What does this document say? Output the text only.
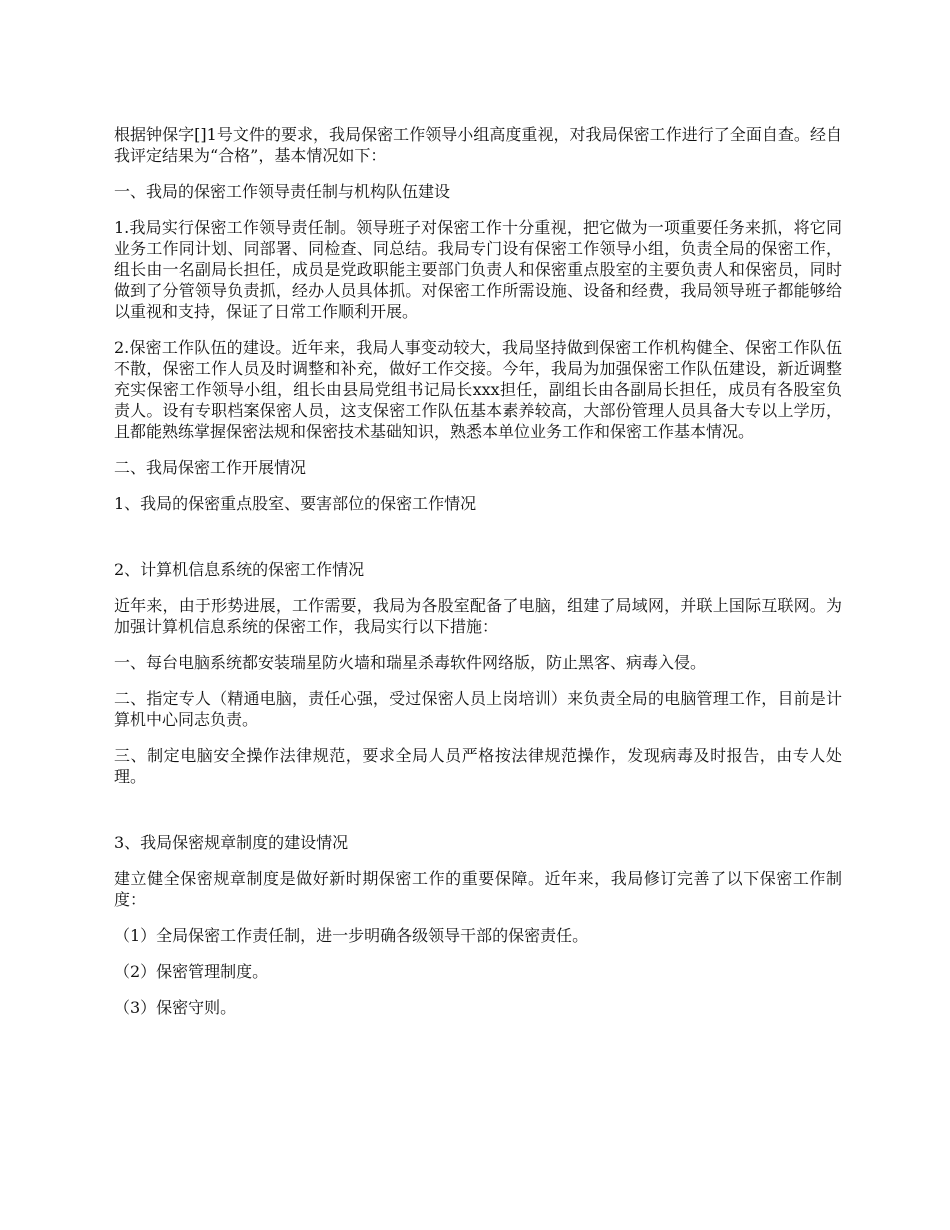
根据钟保字[]1号文件的要求，我局保密工作领导小组高度重视，对我局保密工作进行了全面自查。经自我评定结果为“合格”，基本情况如下：

一、我局的保密工作领导责任制与机构队伍建设

1.我局实行保密工作领导责任制。领导班子对保密工作十分重视，把它做为一项重要任务来抓，将它同业务工作同计划、同部署、同检查、同总结。我局专门设有保密工作领导小组，负责全局的保密工作，组长由一名副局长担任，成员是党政职能主要部门负责人和保密重点股室的主要负责人和保密员，同时做到了分管领导负责抓，经办人员具体抓。对保密工作所需设施、设备和经费，我局领导班子都能够给以重视和支持，保证了日常工作顺利开展。

2.保密工作队伍的建设。近年来，我局人事变动较大，我局坚持做到保密工作机构健全、保密工作队伍不散，保密工作人员及时调整和补充，做好工作交接。今年，我局为加强保密工作队伍建设，新近调整充实保密工作领导小组，组长由县局党组书记局长xxx担任，副组长由各副局长担任，成员有各股室负责人。设有专职档案保密人员，这支保密工作队伍基本素养较高，大部份管理人员具备大专以上学历，且都能熟练掌握保密法规和保密技术基础知识，熟悉本单位业务工作和保密工作基本情况。

二、我局保密工作开展情况

1、我局的保密重点股室、要害部位的保密工作情况

2、计算机信息系统的保密工作情况

近年来，由于形势进展，工作需要，我局为各股室配备了电脑，组建了局域网，并联上国际互联网。为加强计算机信息系统的保密工作，我局实行以下措施：

一、每台电脑系统都安装瑞星防火墙和瑞星杀毒软件网络版，防止黑客、病毒入侵。

二、指定专人（精通电脑，责任心强，受过保密人员上岗培训）来负责全局的电脑管理工作，目前是计算机中心同志负责。

三、制定电脑安全操作法律规范，要求全局人员严格按法律规范操作，发现病毒及时报告，由专人处理。

3、我局保密规章制度的建设情况

建立健全保密规章制度是做好新时期保密工作的重要保障。近年来，我局修订完善了以下保密工作制度：

（1）全局保密工作责任制，进一步明确各级领导干部的保密责任。

（2）保密管理制度。

（3）保密守则。
